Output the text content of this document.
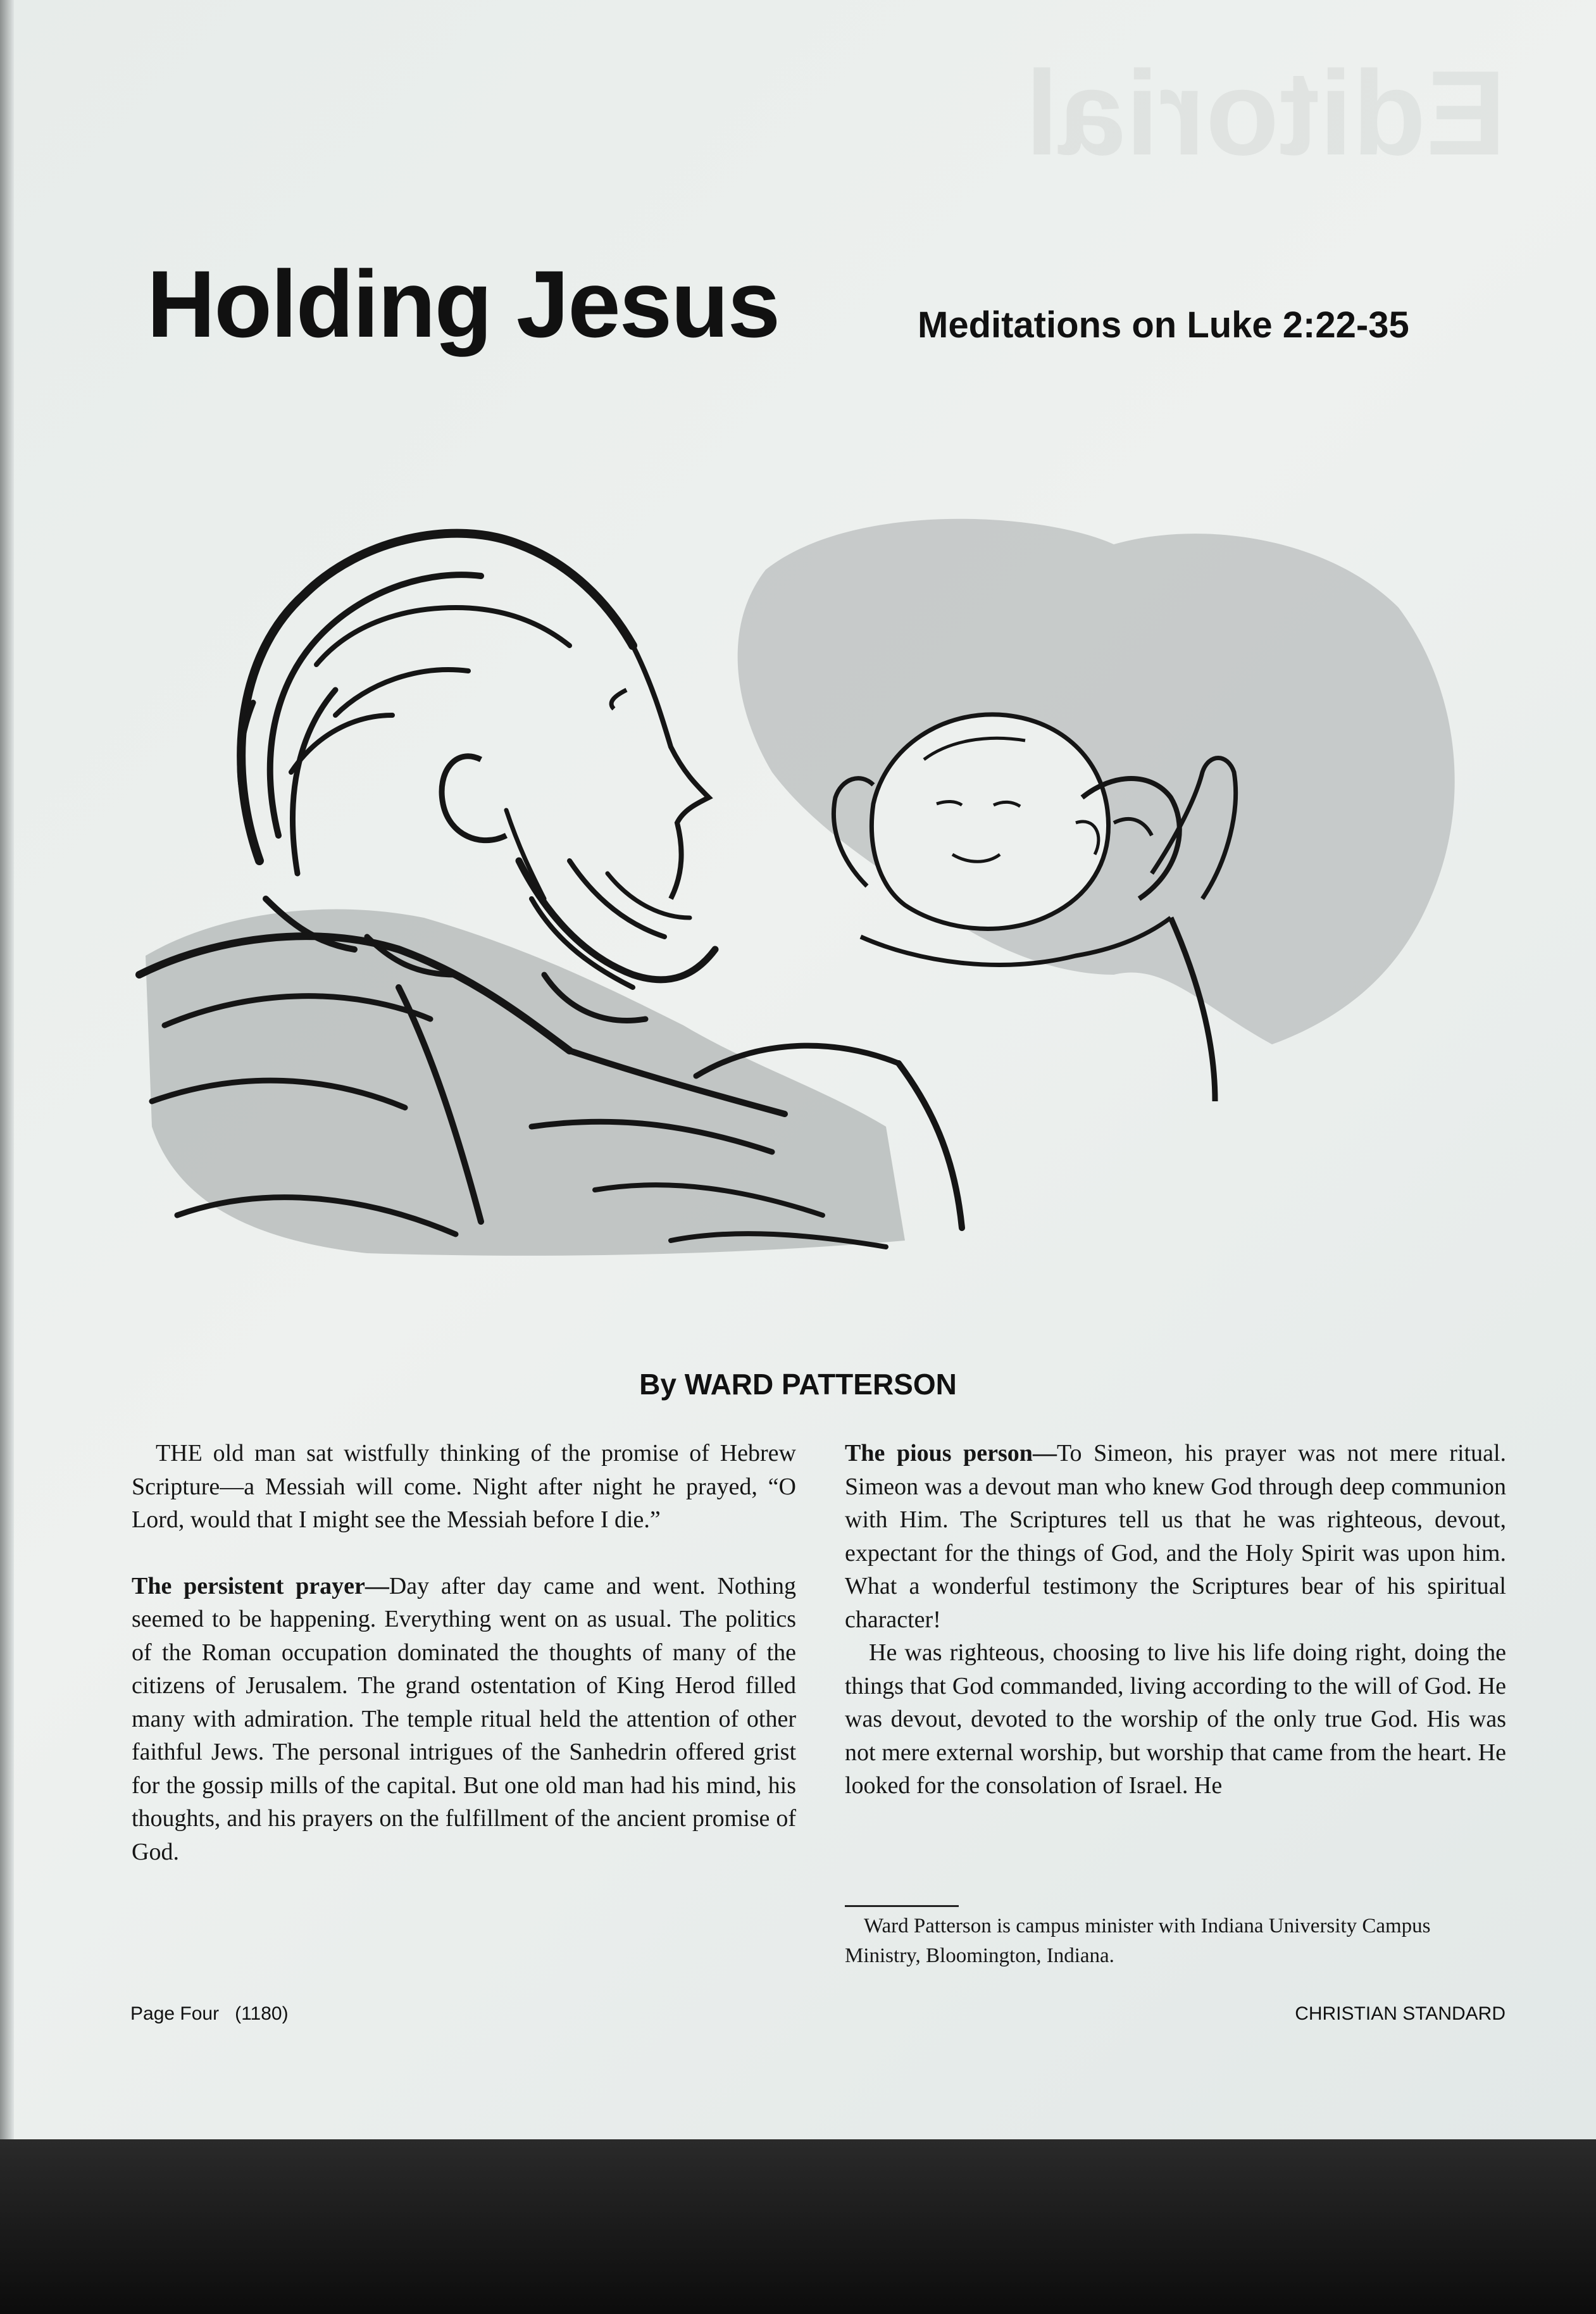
Editorial
Holding Jesus	Meditations on Luke 2:22-35
By WARD PATTERSON

THE old man sat wistfully thinking of the promise of Hebrew Scripture—a Messiah will come. Night after night he prayed, “O Lord, would that I might see the Messiah before I die.”

The persistent prayer—Day after day came and went. Nothing seemed to be happening. Everything went on as usual. The politics of the Roman occupation dominated the thoughts of many of the citizens of Jerusalem. The grand ostentation of King Herod filled many with admiration. The temple ritual held the attention of other faithful Jews. The personal intrigues of the Sanhedrin offered grist for the gossip mills of the capital. But one old man had his mind, his thoughts, and his prayers on the fulfillment of the ancient promise of God.

The pious person—To Simeon, his prayer was not mere ritual. Simeon was a devout man who knew God through deep communion with Him. The Scriptures tell us that he was righteous, devout, expectant for the things of God, and the Holy Spirit was upon him. What a wonderful testimony the Scriptures bear of his spiritual character!

He was righteous, choosing to live his life doing right, doing the things that God commanded, living according to the will of God. He was devout, devoted to the worship of the only true God. His was not mere external worship, but worship that came from the heart. He looked for the consolation of Israel. He

Ward Patterson is campus minister with Indiana University Campus Ministry, Bloomington, Indiana.

Page Four   (1180)	CHRISTIAN STANDARD
